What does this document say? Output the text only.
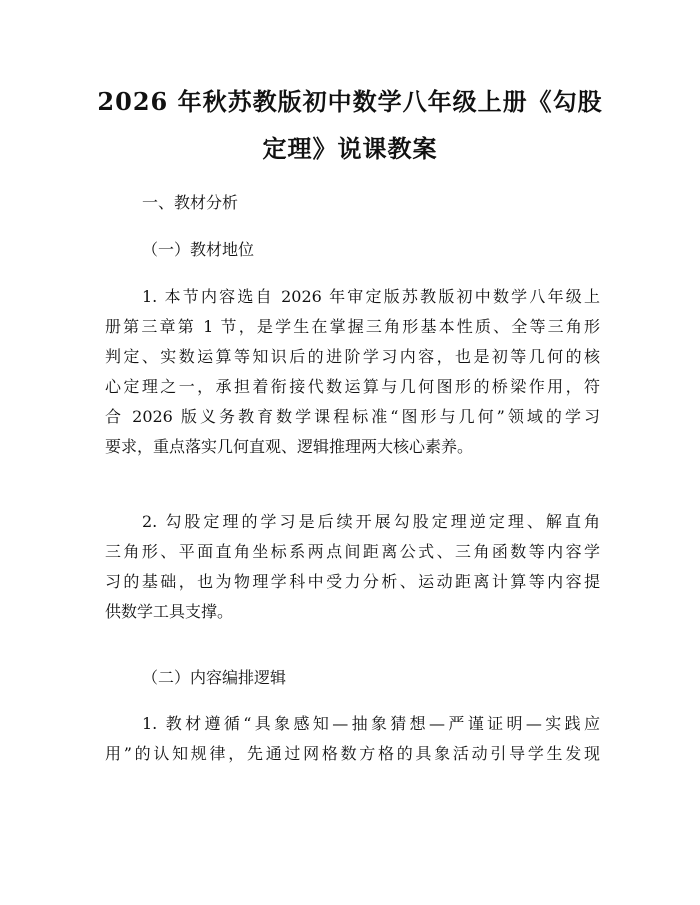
2026 年秋苏教版初中数学八年级上册《勾股
定理》说课教案

一、教材分析

（一）教材地位

1. 本节内容选自 2026 年审定版苏教版初中数学八年级上
册第三章第 1 节，是学生在掌握三角形基本性质、全等三角形
判定、实数运算等知识后的进阶学习内容，也是初等几何的核
心定理之一，承担着衔接代数运算与几何图形的桥梁作用，符
合 2026 版义务教育数学课程标准“图形与几何”领域的学习
要求，重点落实几何直观、逻辑推理两大核心素养。
2. 勾股定理的学习是后续开展勾股定理逆定理、解直角
三角形、平面直角坐标系两点间距离公式、三角函数等内容学
习的基础，也为物理学科中受力分析、运动距离计算等内容提
供数学工具支撑。

（二）内容编排逻辑

1. 教材遵循“具象感知—抽象猜想—严谨证明—实践应
用”的认知规律，先通过网格数方格的具象活动引导学生发现
